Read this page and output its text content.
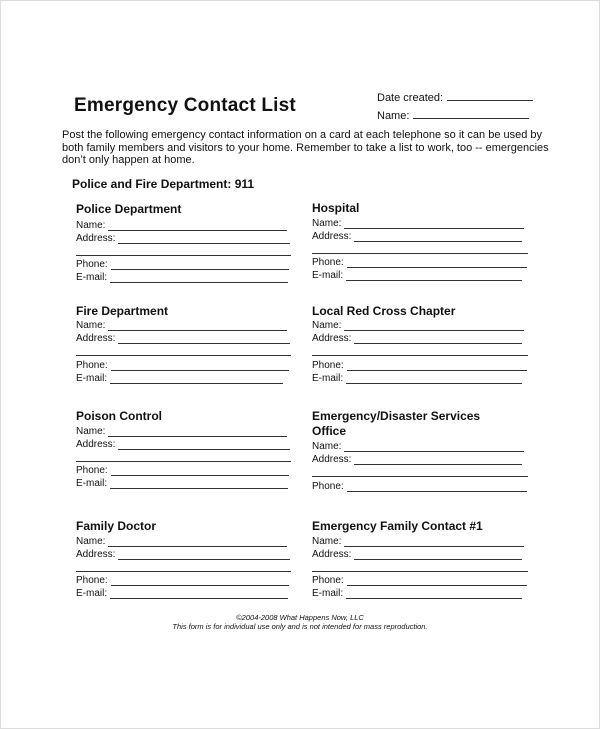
Emergency Contact List	Date created:
Name:
Post the following emergency contact information on a card at each telephone so it can be used by both family members and visitors to your home. Remember to take a list to work, too -- emergencies don’t only happen at home.
Police and Fire Department: 911
Police Department
Name:
Address:
Phone:
E-mail:
Fire Department
Name:
Address:
Phone:
E-mail:
Poison Control
Name:
Address:
Phone:
E-mail:
Family Doctor
Name:
Address:
Phone:
E-mail:
Hospital
Name:
Address:
Phone:
E-mail:
Local Red Cross Chapter
Name:
Address:
Phone:
E-mail:
Emergency/Disaster Services Office
Name:
Address:
Phone:
Emergency Family Contact #1
Name:
Address:
Phone:
E-mail:
©2004-2008 What Happens Now, LLC
This form is for individual use only and is not intended for mass reproduction.
